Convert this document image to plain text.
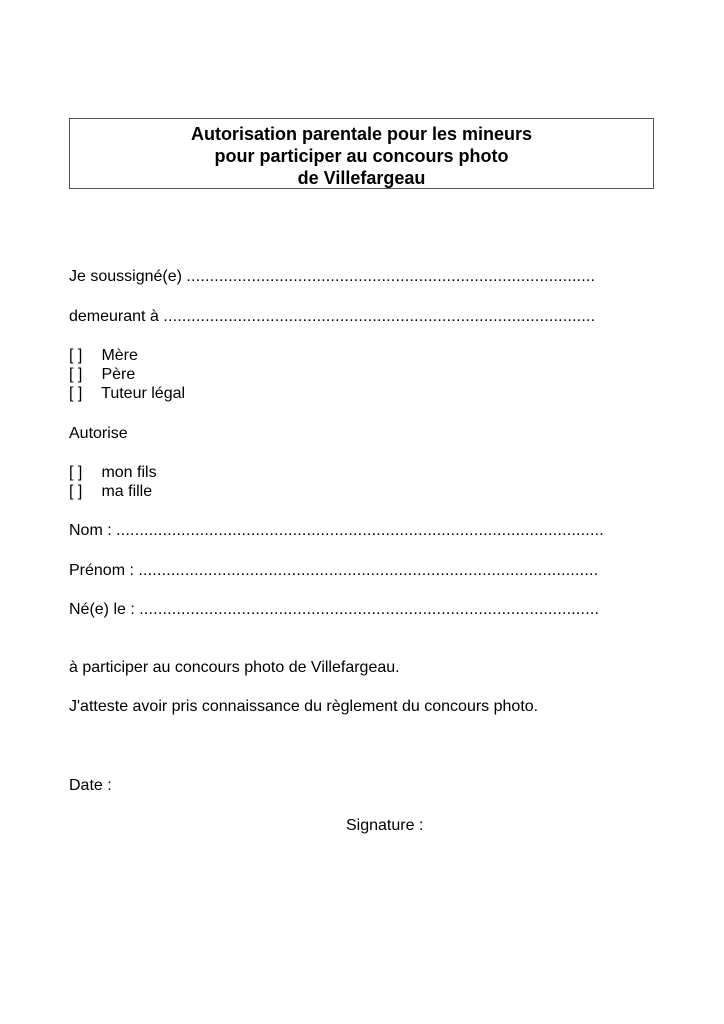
Autorisation parentale pour les mineurs
pour participer au concours photo
de Villefargeau
Je soussigné(e) ........................................................................................
demeurant à .............................................................................................
[ ] Mère
[ ] Père
[ ] Tuteur légal
Autorise
[ ] mon fils
[ ] ma fille
Nom : .........................................................................................................
Prénom : ...................................................................................................
Né(e) le : ...................................................................................................
à participer au concours photo de Villefargeau.
J'atteste avoir pris connaissance du règlement du concours photo.
Date :
Signature :
